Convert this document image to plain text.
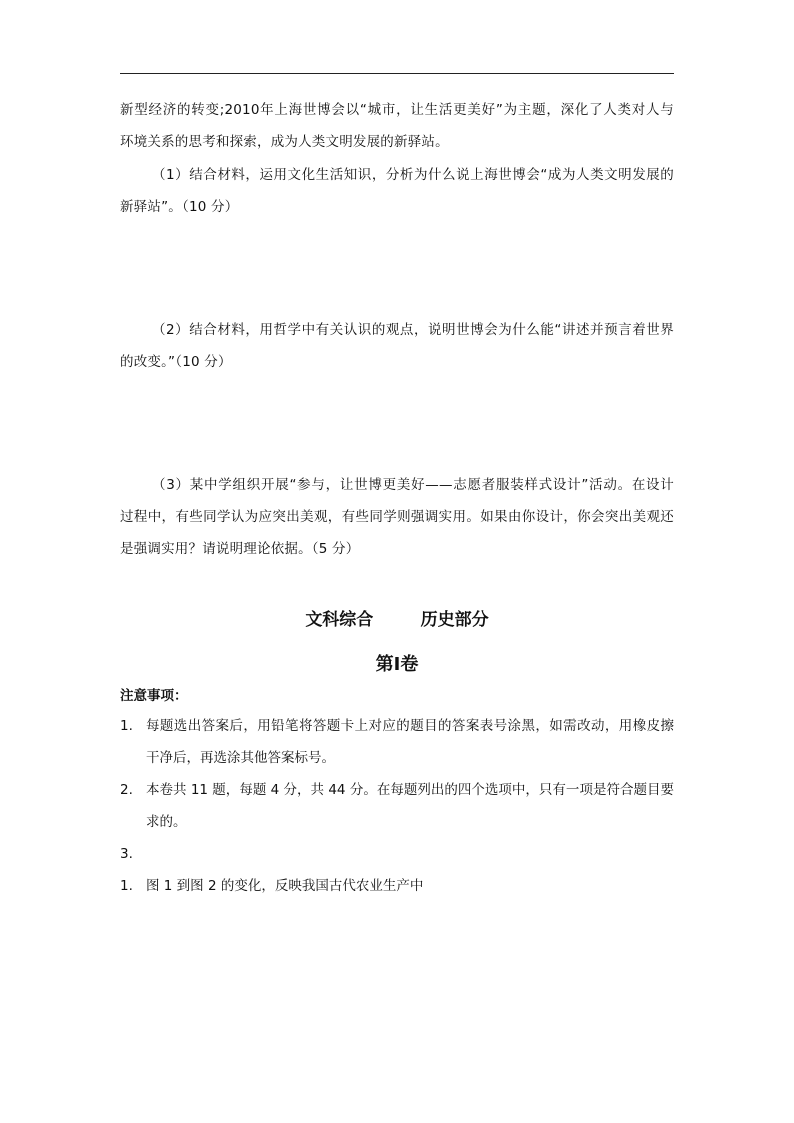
新型经济的转变;2010年上海世博会以“城市，让生活更美好”为主题，深化了人类对人与
环境关系的思考和探索，成为人类文明发展的新驿站。
（1）结合材料，运用文化生活知识，分析为什么说上海世博会“成为人类文明发展的
新驿站”。（10 分）
（2）结合材料，用哲学中有关认识的观点，说明世博会为什么能“讲述并预言着世界
的改变。”（10 分）
（3）某中学组织开展“参与，让世博更美好——志愿者服装样式设计”活动。在设计
过程中，有些同学认为应突出美观，有些同学则强调实用。如果由你设计，你会突出美观还
是强调实用？请说明理论依据。（5 分）
文科综合        历史部分
第Ⅰ卷
注意事项：
1. 每题选出答案后，用铅笔将答题卡上对应的题目的答案表号涂黑，如需改动，用橡皮擦
干净后，再选涂其他答案标号。
2. 本卷共 11 题，每题 4 分，共 44 分。在每题列出的四个选项中，只有一项是符合题目要
求的。
3.
1. 图 1 到图 2 的变化，反映我国古代农业生产中
